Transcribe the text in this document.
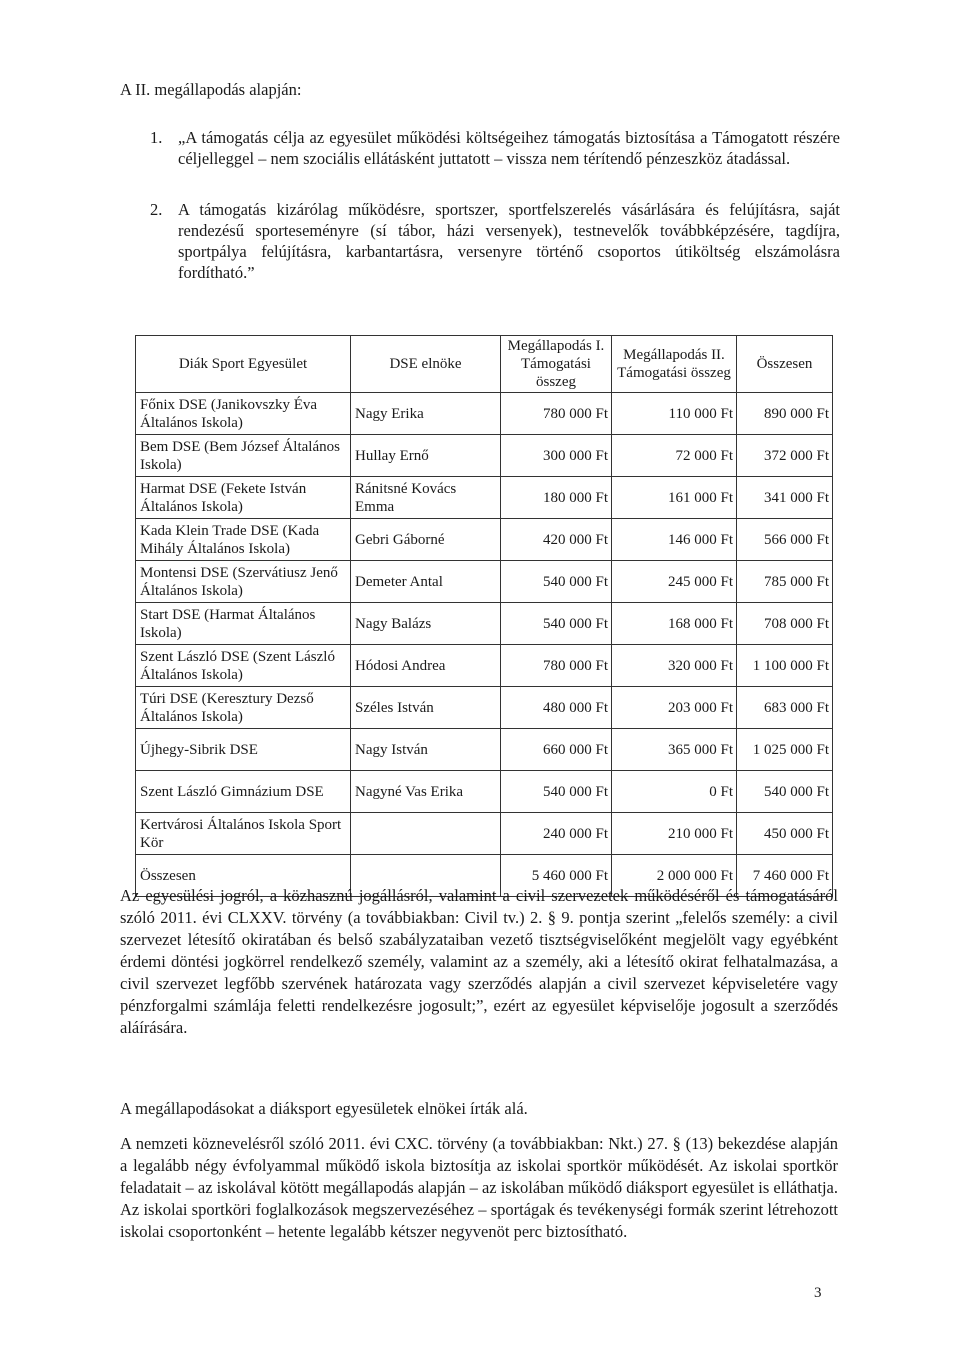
A II. megállapodás alapján:
1. „A támogatás célja az egyesület működési költségeihez támogatás biztosítása a Támogatott részére céljelleggel – nem szociális ellátásként juttatott – vissza nem térítendő pénzeszköz átadással.
2. A támogatás kizárólag működésre, sportszer, sportfelszerelés vásárlására és felújításra, saját rendezésű sporteseményre (sí tábor, házi versenyek), testnevelők továbbképzésére, tagdíjra, sportpálya felújításra, karbantartásra, versenyre történő csoportos útiköltség elszámolásra fordítható.”
Diák Sport Egyesület	DSE elnöke	Megállapodás I. Támogatási összeg	Megállapodás II. Támogatási összeg	Összesen
Főnix DSE (Janikovszky Éva Általános Iskola)	Nagy Erika	780 000 Ft	110 000 Ft	890 000 Ft
Bem DSE (Bem József Általános Iskola)	Hullay Ernő	300 000 Ft	72 000 Ft	372 000 Ft
Harmat DSE (Fekete István Általános Iskola)	Ránitsné Kovács Emma	180 000 Ft	161 000 Ft	341 000 Ft
Kada Klein Trade DSE (Kada Mihály Általános Iskola)	Gebri Gáborné	420 000 Ft	146 000 Ft	566 000 Ft
Montensi DSE (Szervátiusz Jenő Általános Iskola)	Demeter Antal	540 000 Ft	245 000 Ft	785 000 Ft
Start DSE (Harmat Általános Iskola)	Nagy Balázs	540 000 Ft	168 000 Ft	708 000 Ft
Szent László DSE (Szent László Általános Iskola)	Hódosi Andrea	780 000 Ft	320 000 Ft	1 100 000 Ft
Túri DSE (Keresztury Dezső Általános Iskola)	Széles István	480 000 Ft	203 000 Ft	683 000 Ft
Újhegy-Sibrik DSE	Nagy István	660 000 Ft	365 000 Ft	1 025 000 Ft
Szent László Gimnázium DSE	Nagyné Vas Erika	540 000 Ft	0 Ft	540 000 Ft
Kertvárosi Általános Iskola Sport Kör		240 000 Ft	210 000 Ft	450 000 Ft
Összesen		5 460 000 Ft	2 000 000 Ft	7 460 000 Ft
Az egyesülési jogról, a közhasznú jogállásról, valamint a civil szervezetek működéséről és támogatásáról szóló 2011. évi CLXXV. törvény (a továbbiakban: Civil tv.) 2. § 9. pontja szerint „felelős személy: a civil szervezet létesítő okiratában és belső szabályzataiban vezető tisztségviselőként megjelölt vagy egyébként érdemi döntési jogkörrel rendelkező személy, valamint az a személy, aki a létesítő okirat felhatalmazása, a civil szervezet legfőbb szervének határozata vagy szerződés alapján a civil szervezet képviseletére vagy pénzforgalmi számlája feletti rendelkezésre jogosult;”, ezért az egyesület képviselője jogosult a szerződés aláírására.
A megállapodásokat a diáksport egyesületek elnökei írták alá.
A nemzeti köznevelésről szóló 2011. évi CXC. törvény (a továbbiakban: Nkt.) 27. § (13) bekezdése alapján a legalább négy évfolyammal működő iskola biztosítja az iskolai sportkör működését. Az iskolai sportkör feladatait – az iskolával kötött megállapodás alapján – az iskolában működő diáksport egyesület is elláthatja. Az iskolai sportköri foglalkozások megszervezéséhez – sportágak és tevékenységi formák szerint létrehozott iskolai csoportonként – hetente legalább kétszer negyvenöt perc biztosítható.
3
